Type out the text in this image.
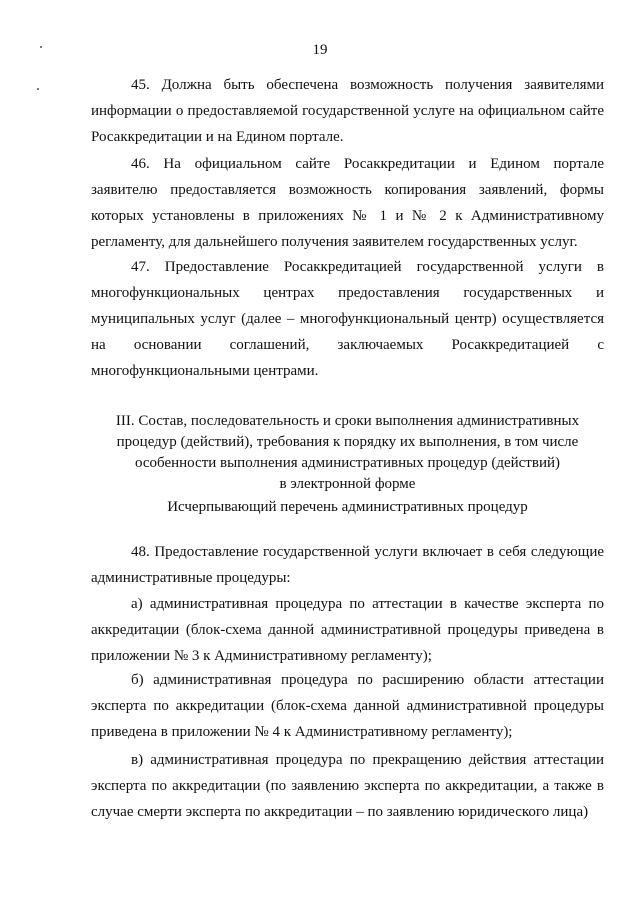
19

45. Должна быть обеспечена возможность получения заявителями информации о предоставляемой государственной услуге на официальном сайте Росаккредитации и на Едином портале.

46. На официальном сайте Росаккредитации и Едином портале заявителю предоставляется возможность копирования заявлений, формы которых установлены в приложениях № 1 и № 2 к Административному регламенту, для дальнейшего получения заявителем государственных услуг.

47. Предоставление Росаккредитацией государственной услуги в многофункциональных центрах предоставления государственных и муниципальных услуг (далее – многофункциональный центр) осуществляется на основании соглашений, заключаемых Росаккредитацией с многофункциональными центрами.

III. Состав, последовательность и сроки выполнения административных
процедур (действий), требования к порядку их выполнения, в том числе
особенности выполнения административных процедур (действий)
в электронной форме
Исчерпывающий перечень административных процедур

48. Предоставление государственной услуги включает в себя следующие административные процедуры:

а) административная процедура по аттестации в качестве эксперта по аккредитации (блок-схема данной административной процедуры приведена в приложении № 3 к Административному регламенту);

б) административная процедура по расширению области аттестации эксперта по аккредитации (блок-схема данной административной процедуры приведена в приложении № 4 к Административному регламенту);

в) административная процедура по прекращению действия аттестации эксперта по аккредитации (по заявлению эксперта по аккредитации, а также в случае смерти эксперта по аккредитации – по заявлению юридического лица)
